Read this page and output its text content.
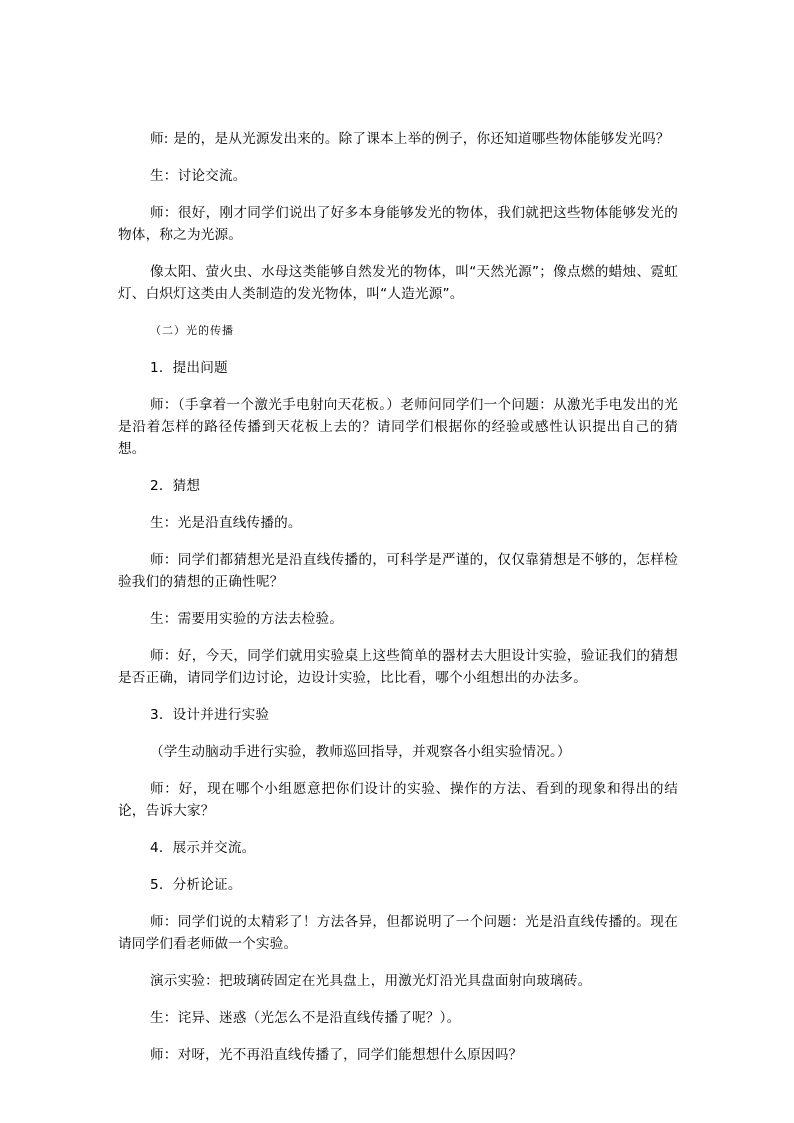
师: 是的，是从光源发出来的。除了课本上举的例子，你还知道哪些物体能够发光吗？

生：讨论交流。

师：很好，刚才同学们说出了好多本身能够发光的物体，我们就把这些物体能够发光的物体，称之为光源。

像太阳、萤火虫、水母这类能够自然发光的物体，叫“天然光源”；像点燃的蜡烛、霓虹灯、白炽灯这类由人类制造的发光物体，叫“人造光源”。

（二）光的传播

1．提出问题

师：（手拿着一个激光手电射向天花板。）老师问同学们一个问题：从激光手电发出的光是沿着怎样的路径传播到天花板上去的？请同学们根据你的经验或感性认识提出自己的猜想。

2．猜想

生：光是沿直线传播的。

师：同学们都猜想光是沿直线传播的，可科学是严谨的，仅仅靠猜想是不够的，怎样检验我们的猜想的正确性呢？

生：需要用实验的方法去检验。

师：好，今天，同学们就用实验桌上这些简单的器材去大胆设计实验，验证我们的猜想是否正确，请同学们边讨论，边设计实验，比比看，哪个小组想出的办法多。

3．设计并进行实验

（学生动脑动手进行实验，教师巡回指导，并观察各小组实验情况。）

师：好，现在哪个小组愿意把你们设计的实验、操作的方法、看到的现象和得出的结论，告诉大家？

4．展示并交流。

5．分析论证。

师：同学们说的太精彩了！方法各异，但都说明了一个问题：光是沿直线传播的。现在请同学们看老师做一个实验。

演示实验：把玻璃砖固定在光具盘上，用激光灯沿光具盘面射向玻璃砖。

生：诧异、迷惑（光怎么不是沿直线传播了呢？）。

师：对呀，光不再沿直线传播了，同学们能想想什么原因吗？
